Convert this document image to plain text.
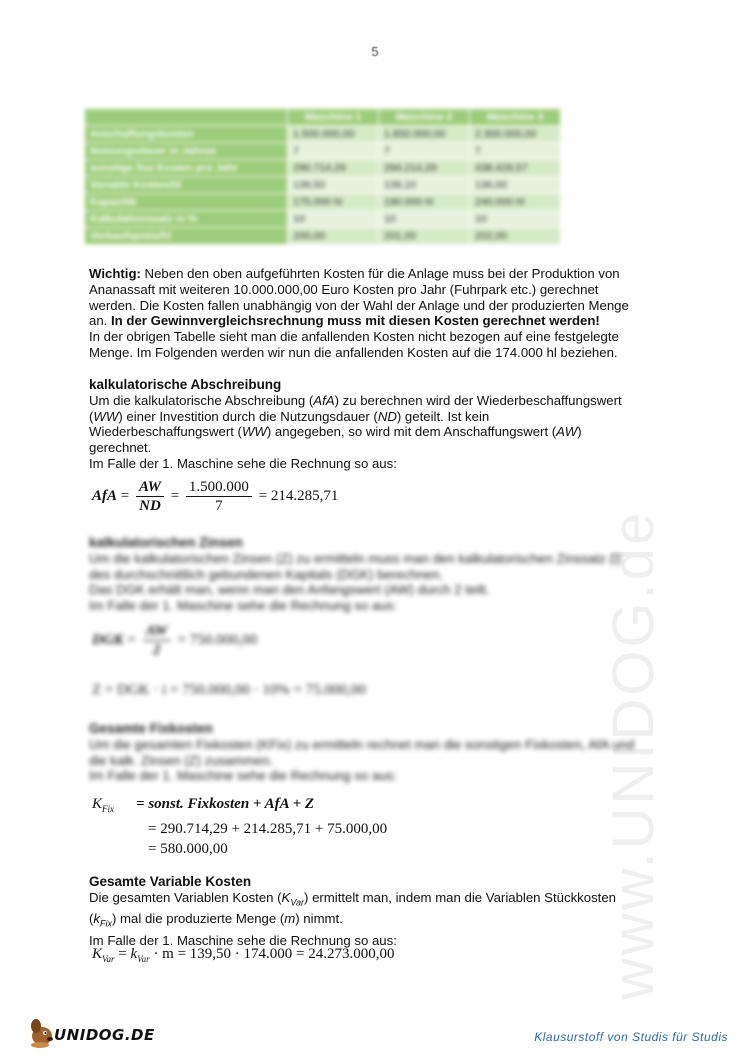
5
	Maschine 1	Maschine 2	Maschine 3
Anschaffungskosten	1.500.000,00	1.850.000,00	2.300.000,00
Nutzungsdauer in Jahren	7	7	7
sonstige fixe Kosten pro Jahr	290.714,29	294.214,29	438.428,57
Variable Kosten/hl	139,50	139,10	136,00
Kapazität	175.000 hl	190.000 hl	240.000 hl
Kalkulationssatz in %	10	10	10
Verkaufspreis/hl	200,00	201,00	202,00
Wichtig: Neben den oben aufgeführten Kosten für die Anlage muss bei der Produktion von
Ananassaft mit weiteren 10.000.000,00 Euro Kosten pro Jahr (Fuhrpark etc.) gerechnet
werden. Die Kosten fallen unabhängig von der Wahl der Anlage und der produzierten Menge
an. In der Gewinnvergleichsrechnung muss mit diesen Kosten gerechnet werden!
In der obrigen Tabelle sieht man die anfallenden Kosten nicht bezogen auf eine festgelegte
Menge. Im Folgenden werden wir nun die anfallenden Kosten auf die 174.000 hl beziehen.
kalkulatorische Abschreibung
Um die kalkulatorische Abschreibung (AfA) zu berechnen wird der Wiederbeschaffungswert
(WW) einer Investition durch die Nutzungsdauer (ND) geteilt. Ist kein
Wiederbeschaffungswert (WW) angegeben, so wird mit dem Anschaffungswert (AW)
gerechnet.
Im Falle der 1. Maschine sehe die Rechnung so aus:
AfA = $\frac{AW}{ND} = \frac{1.500.000}{7} = 214.285,71$
kalkulatorischen Zinsen
Um die kalkulatorischen Zinsen (Z) zu ermitteln muss man den kalkulatorischen Zinssatz (i)
des durchschnittlich gebundenen Kapitals (DGK) berechnen.
Das DGK erhält man, wenn man den Anfangswert (AW) durch 2 teilt.
Im Falle der 1. Maschine sehe die Rechnung so aus:
DGK = $\frac{AW}{2} = 750.000,00$
Z = DGK · i = 750.000,00 · 10% = 75.000,00
Gesamte Fixkosten
Um die gesamten Fixkosten (KFix) zu ermitteln rechnet man die sonstigen Fixkosten, AfA und
die kalk. Zinsen (Z) zusammen.
Im Falle der 1. Maschine sehe die Rechnung so aus:
$K_{Fix}$ = sonst. Fixkosten + AfA + Z
= 290.714,29 + 214.285,71 + 75.000,00
= 580.000,00
Gesamte Variable Kosten
Die gesamten Variablen Kosten $(K_{Var})$ ermittelt man, indem man die Variablen Stückkosten
$(k_{Fix})$ mal die produzierte Menge (m) nimmt.
Im Falle der 1. Maschine sehe die Rechnung so aus:
$K_{Var} = k_{Var} \cdot m = 139,50 \cdot 174.000 = 24.273.000,00$	www.UNIDOG.de
UNIDOG.DE	Klausurstoff von Studis für Studis
